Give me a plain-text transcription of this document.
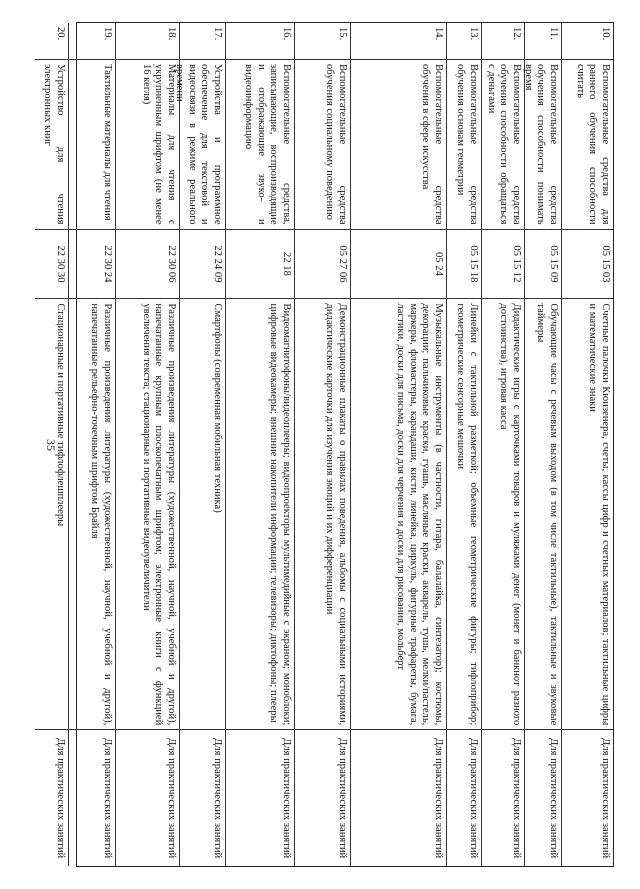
35
10.
Вспомогательные средства для раннего обучения способности считать
05 15 03
Счетные палочки Кюизенера, счеты, кассы цифр и счетных материалов; тактильные цифры и математические знаки
Для практических занятий
11.
Вспомогательные средства обучения способности понимать время
05 15 09
Обучающие часы с речевым выходом (в том числе тактильные), тактильные и звуковые таймеры
Для практических занятий
12.
Вспомогательные средства обучения способности обращаться с деньгами
05 15 12
Дидактические игры с карточками товаров и муляжами денег (монет и банкнот разного достоинства), игровая касса
Для практических занятий
13.
Вспомогательные средства обучения основам геометрии
05 15 18
Линейки с тактильной разметкой; объемные геометрические фигуры; тифлоприбор; геометрические сенсорные мешочки
Для практических занятий
14.
Вспомогательные средства обучения в сфере искусства
05 24
Музыкальные инструменты (в частности, гитара, балалайка, синтезатор); костюмы, декорации; пальчиковые краски, гуашь, масляные краски, акварель, тушь, мелки/пастель, маркеры, фломастеры, карандаши, кисти, линейка, циркуль, фигурные трафареты, бумага, ластики, доски для письма, доски для черчения и доски для рисования, мольберт
Для практических занятий
15.
Вспомогательные средства обучения социальному поведению
05 27 06
Демонстрационные плакаты о правилах поведения, альбомы с социальными историями, дидактические карточки для изучения эмоций и их дифференциации
Для практических занятий
16.
Вспомогательные средства, записывающие, воспроизводящие и отображающие звуко- и видеоинформацию
22 18
Видеомагнитофоны/видеоплееры; видеопроекторы мультимедийные с экраном; моноблоки; цифровые видеокамеры; внешние накопители информации; телевизоры; диктофоны; плееры
Для практических занятий
17.
Устройства и программное обеспечение для текстовой и видеосвязи в режиме реального времени
22 24 09
Смартфоны (современная мобильная техника)
Для практических занятий
18.
Материалы для чтения с укрупненным шрифтом (не менее 16 кегля)
22 30 06
Различные произведения литературы (художественной, научной, учебной и другой), напечатанные крупным плоскопечатным шрифтом; электронные книги с функцией увеличения текста; стационарные и портативные видеоувеличители
Для практических занятий
19.
Тактильные материалы для чтения
22 30 24
Различные произведения литературы (художественной, научной, учебной и другой), напечатанные рельефно-точечным шрифтом Брайля
Для практических занятий
20.
Устройство для чтения электронных книг
22 30 30
Стационарные и портативные тифлофлешплееры
Для практических занятий
